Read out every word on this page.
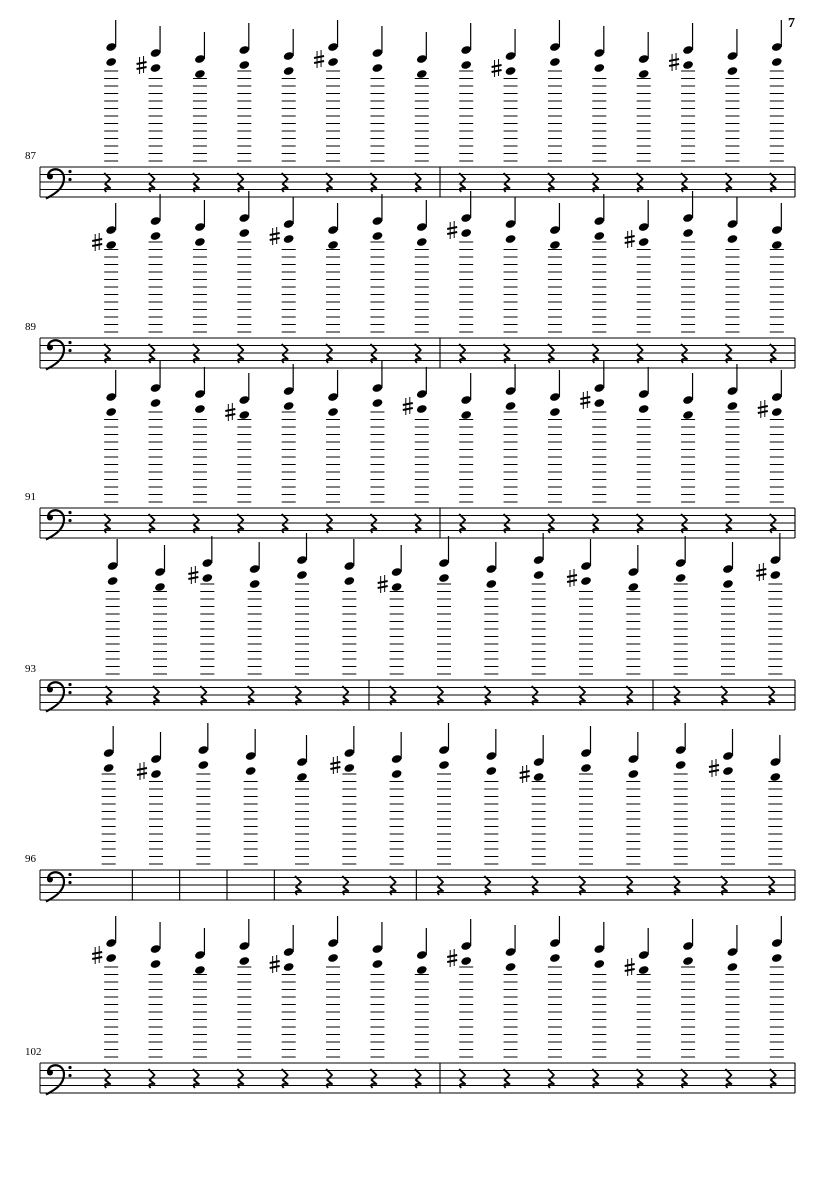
7
87
89
91
93
96
102
